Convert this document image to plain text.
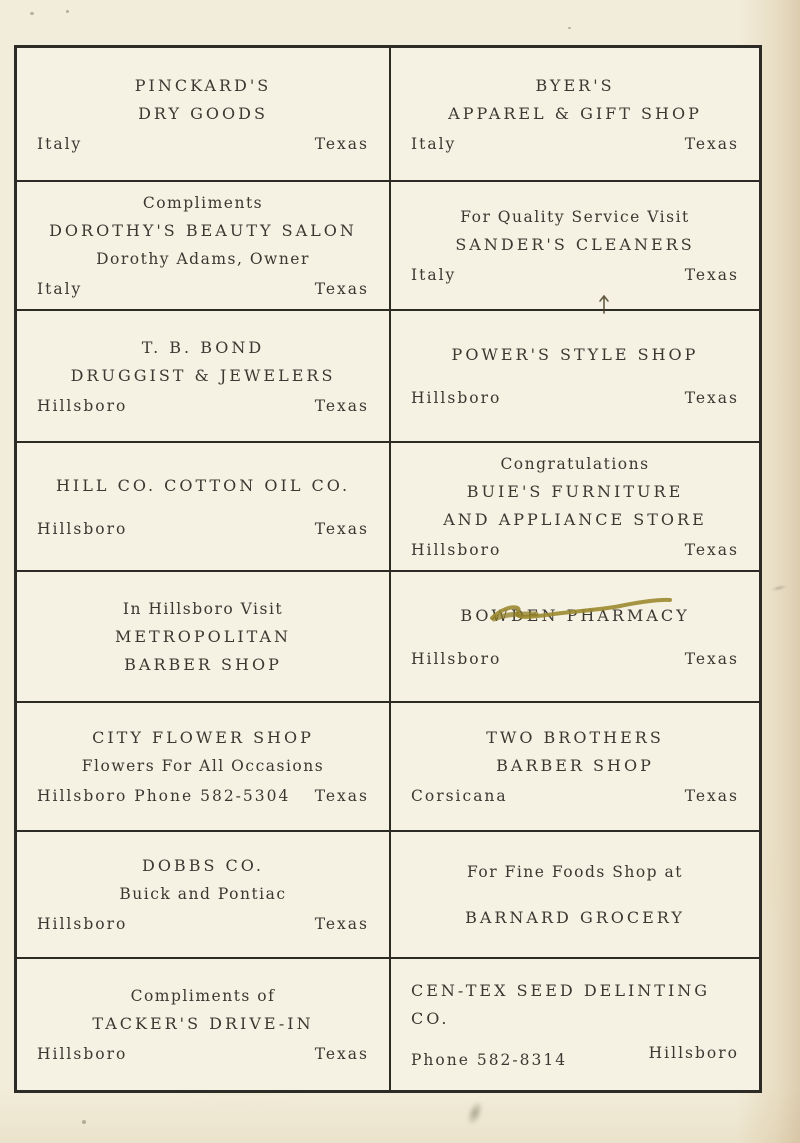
PINCKARD'S
DRY GOODS
Italy	Texas
BYER'S
APPAREL & GIFT SHOP
Italy	Texas
Compliments
DOROTHY'S BEAUTY SALON
Dorothy Adams, Owner
Italy	Texas
For Quality Service Visit
SANDER'S CLEANERS
Italy	Texas
T. B. BOND
DRUGGIST & JEWELERS
Hillsboro	Texas
POWER'S STYLE SHOP
Hillsboro	Texas
HILL CO. COTTON OIL CO.
Hillsboro	Texas
Congratulations
BUIE'S FURNITURE
AND APPLIANCE STORE
Hillsboro	Texas
In Hillsboro Visit
METROPOLITAN
BARBER SHOP
BOWDEN PHARMACY
Hillsboro	Texas
CITY FLOWER SHOP
Flowers For All Occasions
Hillsboro Phone 582-5304 Texas
TWO BROTHERS
BARBER SHOP
Corsicana	Texas
DOBBS CO.
Buick and Pontiac
Hillsboro	Texas
For Fine Foods Shop at
BARNARD GROCERY
Compliments of
TACKER'S DRIVE-IN
Hillsboro	Texas
CEN-TEX SEED DELINTING CO.
Phone 582-8314	Hillsboro
